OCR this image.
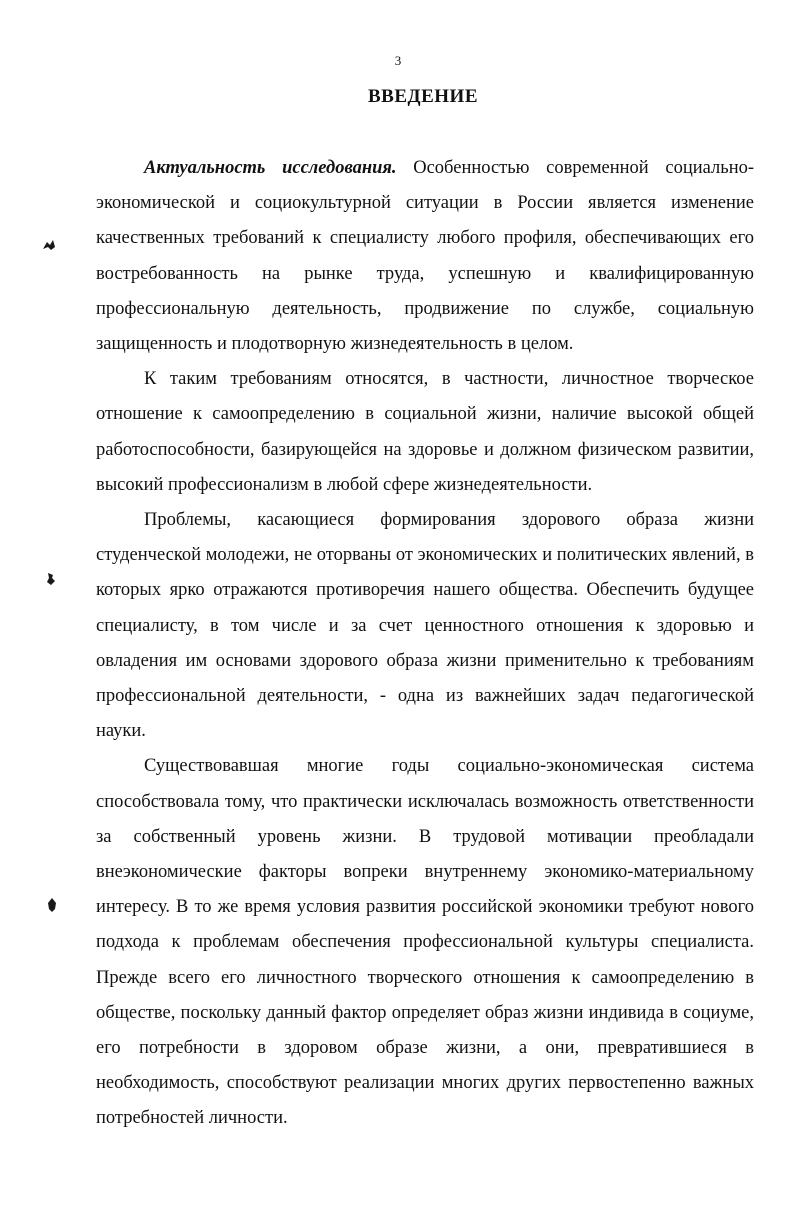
3
ВВЕДЕНИЕ

Актуальность исследования. Особенностью современной социально-экономической и социокультурной ситуации в России является изменение качественных требований к специалисту любого профиля, обеспечивающих его востребованность на рынке труда, успешную и квалифицированную профессиональную деятельность, продвижение по службе, социальную защищенность и плодотворную жизнедеятельность в целом.

К таким требованиям относятся, в частности, личностное творческое отношение к самоопределению в социальной жизни, наличие высокой общей работоспособности, базирующейся на здоровье и должном физическом развитии, высокий профессионализм в любой сфере жизнедеятельности.

Проблемы, касающиеся формирования здорового образа жизни студенческой молодежи, не оторваны от экономических и политических явлений, в которых ярко отражаются противоречия нашего общества. Обеспечить будущее специалисту, в том числе и за счет ценностного отношения к здоровью и овладения им основами здорового образа жизни применительно к требованиям профессиональной деятельности, - одна из важнейших задач педагогической науки.

Существовавшая многие годы социально-экономическая система способствовала тому, что практически исключалась возможность ответственности за собственный уровень жизни. В трудовой мотивации преобладали внеэкономические факторы вопреки внутреннему экономико-материальному интересу. В то же время условия развития российской экономики требуют нового подхода к проблемам обеспечения профессиональной культуры специалиста. Прежде всего его личностного творческого отношения к самоопределению в обществе, поскольку данный фактор определяет образ жизни индивида в социуме, его потребности в здоровом образе жизни, а они, превратившиеся в необходимость, способствуют реализации многих других первостепенно важных потребностей личности.
